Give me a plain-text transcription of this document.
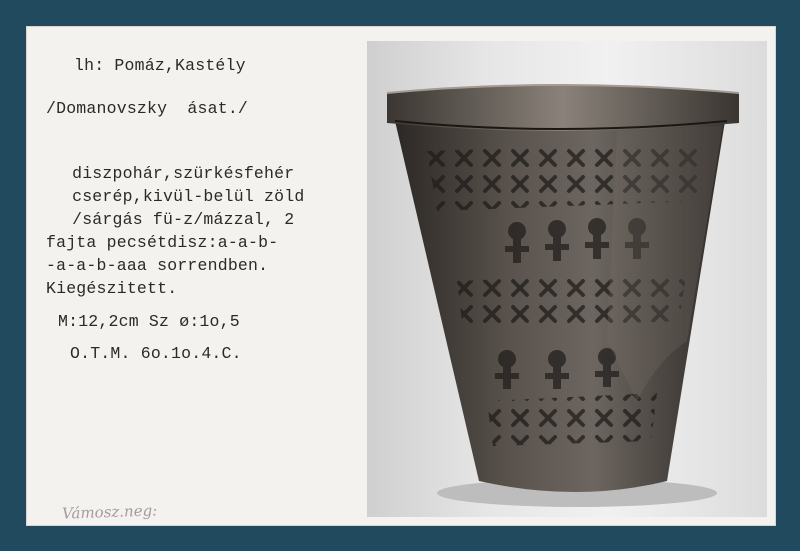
lh: Pomáz,Kastély
/Domanovszky  ásat./
diszpohár,szürkésfehér
cserép,kivül-belül zöld
/sárgás fü-z/mázzal, 2
fajta pecsétdisz:a-a-b-
-a-a-b-aaa sorrendben.
Kiegészitett.
M:12,2cm Sz ø:1o,5
O.T.M. 6o.1o.4.C.
Vámosz.neg:
